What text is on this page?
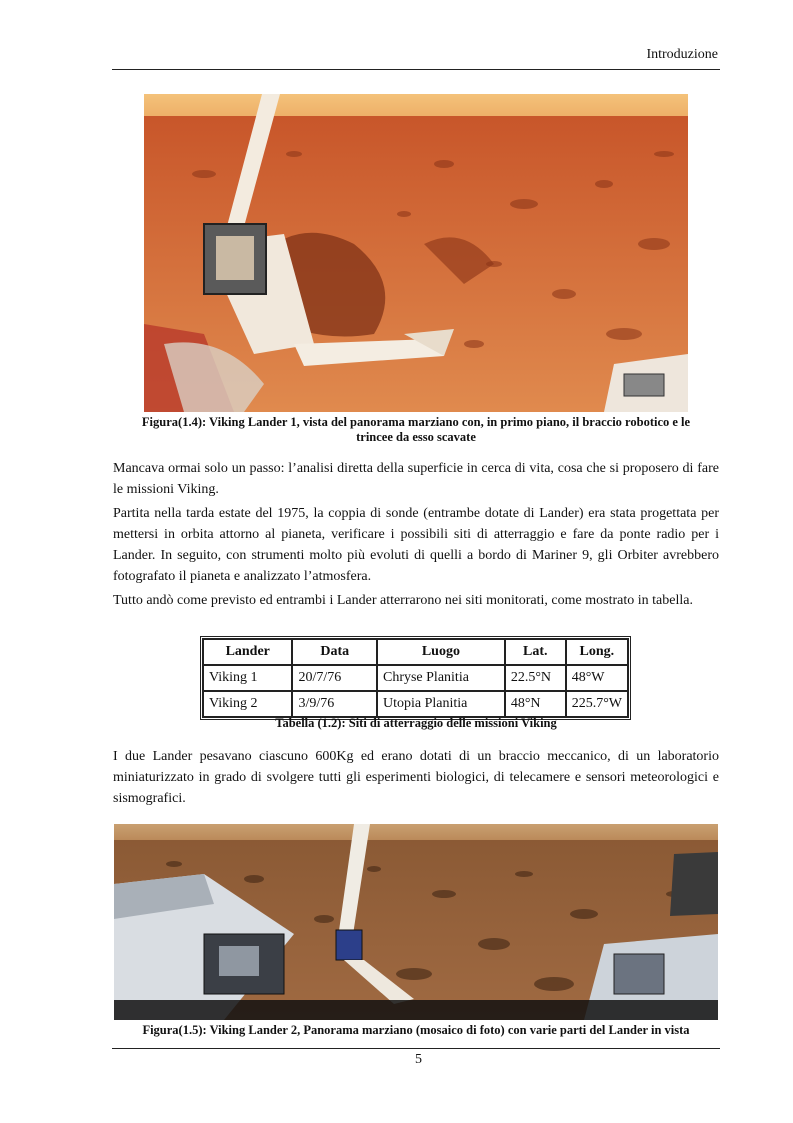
Introduzione
Figura(1.4): Viking Lander 1, vista del panorama marziano con, in primo piano, il braccio robotico e le
trincee da esso scavate

Mancava ormai solo un passo: l’analisi diretta della superficie in cerca di vita, cosa che si proposero di fare le missioni Viking.

Partita nella tarda estate del 1975, la coppia di sonde (entrambe dotate di Lander) era stata progettata per mettersi in orbita attorno al pianeta, verificare i possibili siti di atterraggio e fare da ponte radio per i Lander. In seguito, con strumenti molto più evoluti di quelli a bordo di Mariner 9, gli Orbiter avrebbero fotografato il pianeta e analizzato l’atmosfera.

Tutto andò come previsto ed entrambi i Lander atterrarono nei siti monitorati, come mostrato in tabella.

Lander	Data	Luogo	Lat.	Long.
Viking 1	20/7/76	Chryse Planitia	22.5°N	48°W
Viking 2	3/9/76	Utopia Planitia	48°N	225.7°W
Tabella (1.2): Siti di atterraggio delle missioni Viking

I due Lander pesavano ciascuno 600Kg ed erano dotati di un braccio meccanico, di un laboratorio miniaturizzato in grado di svolgere tutti gli esperimenti biologici, di telecamere e sensori meteorologici e sismografici.

Figura(1.5): Viking Lander 2, Panorama marziano (mosaico di foto) con varie parti del Lander in vista
5
